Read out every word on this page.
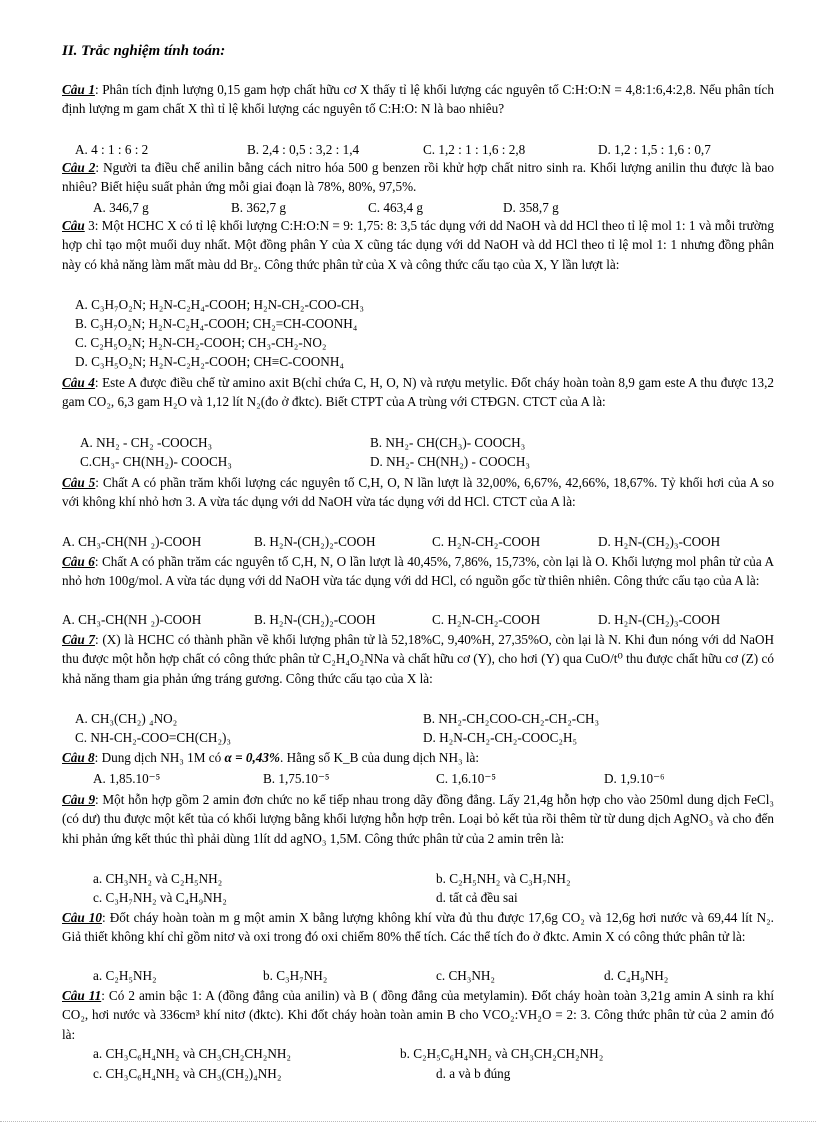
II. Trắc nghiệm tính toán:

Câu 1: Phân tích định lượng 0,15 gam hợp chất hữu cơ X thấy tỉ lệ khối lượng các nguyên tố C:H:O:N = 4,8:1:6,4:2,8. Nếu phân tích định lượng m gam chất X thì tỉ lệ khối lượng các nguyên tố C:H:O: N là bao nhiêu?

A. 4 : 1 : 6 : 2	B. 2,4 : 0,5 : 3,2 : 1,4	C. 1,2 : 1 : 1,6 : 2,8	D. 1,2 : 1,5 : 1,6 : 0,7

Câu 2: Người ta điều chế anilin bằng cách nitro hóa 500 g benzen rồi khử hợp chất nitro sinh ra. Khối lượng anilin thu được là bao nhiêu? Biết hiệu suất phản ứng mỗi giai đoạn là 78%, 80%, 97,5%.

A. 346,7 g	B. 362,7 g	C. 463,4 g	D. 358,7 g

Câu 3: Một HCHC X có tỉ lệ khối lượng C:H:O:N = 9: 1,75: 8: 3,5 tác dụng với dd NaOH và dd HCl theo tỉ lệ mol 1: 1 và mỗi trường hợp chỉ tạo một muối duy nhất. Một đồng phân Y của X cũng tác dụng với dd NaOH và dd HCl theo tỉ lệ mol 1: 1 nhưng đồng phân này có khả năng làm mất màu dd Br₂. Công thức phân tử của X và công thức cấu tạo của X, Y lần lượt là:

A. C₃H₇O₂N; H₂N-C₂H₄-COOH; H₂N-CH₂-COO-CH₃
B. C₃H₇O₂N; H₂N-C₂H₄-COOH; CH₂=CH-COONH₄
C. C₂H₅O₂N; H₂N-CH₂-COOH; CH₃-CH₂-NO₂
D. C₃H₅O₂N; H₂N-C₂H₂-COOH; CH≡C-COONH₄

Câu 4: Este A được điều chế từ amino axit B(chỉ chứa C, H, O, N) và rượu metylic. Đốt cháy hoàn toàn 8,9 gam este A thu được 13,2 gam CO₂, 6,3 gam H₂O và 1,12 lít N₂(đo ở đktc). Biết CTPT của A trùng với CTĐGN. CTCT của A là:

A. NH₂ - CH₂ -COOCH₃	B. NH₂- CH(CH₃)- COOCH₃
C.CH₃- CH(NH₂)- COOCH₃	D. NH₂- CH(NH₂) - COOCH₃

Câu 5: Chất A có phần trăm khối lượng các nguyên tố C,H, O, N lần lượt là 32,00%, 6,67%, 42,66%, 18,67%. Tỷ khối hơi của A so với không khí nhỏ hơn 3. A vừa tác dụng với dd NaOH vừa tác dụng với dd HCl. CTCT của A là:

A. CH₃-CH(NH ₂)-COOH	B. H₂N-(CH₂)₂-COOH	C. H₂N-CH₂-COOH	D. H₂N-(CH₂)₃-COOH

Câu 6: Chất A có phần trăm các nguyên tố C,H, N, O lần lượt là 40,45%, 7,86%, 15,73%, còn lại là O. Khối lượng mol phân tử của A nhỏ hơn 100g/mol. A vừa tác dụng với dd NaOH vừa tác dụng với dd HCl, có nguồn gốc từ thiên nhiên. Công thức cấu tạo của A là:

A. CH₃-CH(NH ₂)-COOH	B. H₂N-(CH₂)₂-COOH	C. H₂N-CH₂-COOH	D. H₂N-(CH₂)₃-COOH

Câu 7: (X) là HCHC có thành phần về khối lượng phân tử là 52,18%C, 9,40%H, 27,35%O, còn lại là N. Khi đun nóng với dd NaOH thu được một hỗn hợp chất có công thức phân tử C₂H₄O₂NNa và chất hữu cơ (Y), cho hơi (Y) qua CuO/t⁰ thu được chất hữu cơ (Z) có khả năng tham gia phản ứng tráng gương. Công thức cấu tạo của X là:

A. CH₃(CH₂) ₄NO₂	B. NH₂-CH₂COO-CH₂-CH₂-CH₃
C. NH-CH₂-COO=CH(CH₂)₃	D. H₂N-CH₂-CH₂-COOC₂H₅

Câu 8: Dung dịch NH₃ 1M có α = 0,43%. Hằng số K_B của dung dịch NH₃ là:

A. 1,85.10⁻⁵	B. 1,75.10⁻⁵	C. 1,6.10⁻⁵	D. 1,9.10⁻⁶

Câu 9: Một hỗn hợp gồm 2 amin đơn chức no kế tiếp nhau trong dãy đồng đẳng. Lấy 21,4g hỗn hợp cho vào 250ml dung dịch FeCl₃ (có dư) thu được một kết tủa có khối lượng bằng khối lượng hỗn hợp trên. Loại bỏ kết tủa rồi thêm từ từ dung dịch AgNO₃ và cho đến khi phản ứng kết thúc thì phải dùng 1lít dd agNO₃ 1,5M. Công thức phân tử của 2 amin trên là:

a. CH₃NH₂ và C₂H₅NH₂	b. C₂H₅NH₂ và C₃H₇NH₂
c. C₃H₇NH₂ và C₄H₉NH₂	d. tất cả đều sai

Câu 10: Đốt cháy hoàn toàn m g một amin X bằng lượng không khí vừa đủ thu được 17,6g CO₂ và 12,6g hơi nước và 69,44 lít N₂. Giả thiết không khí chỉ gồm nitơ và oxi trong đó oxi chiếm 80% thể tích. Các thể tích đo ở đktc. Amin X có công thức phân tử là:

a. C₂H₅NH₂	b. C₃H₇NH₂	c. CH₃NH₂	d. C₄H₉NH₂

Câu 11: Có 2 amin bậc 1: A (đồng đẳng của anilin) và B ( đồng đẳng của metylamin). Đốt cháy hoàn toàn 3,21g amin A sinh ra khí CO₂, hơi nước và 336cm³ khí nitơ (đktc). Khi đốt cháy hoàn toàn amin B cho VCO₂:VH₂O = 2: 3. Công thức phân tử của 2 amin đó là:

a. CH₃C₆H₄NH₂ và CH₃CH₂CH₂NH₂	b. C₂H₅C₆H₄NH₂ và CH₃CH₂CH₂NH₂
c. CH₃C₆H₄NH₂ và CH₃(CH₂)₄NH₂	d. a và b đúng
